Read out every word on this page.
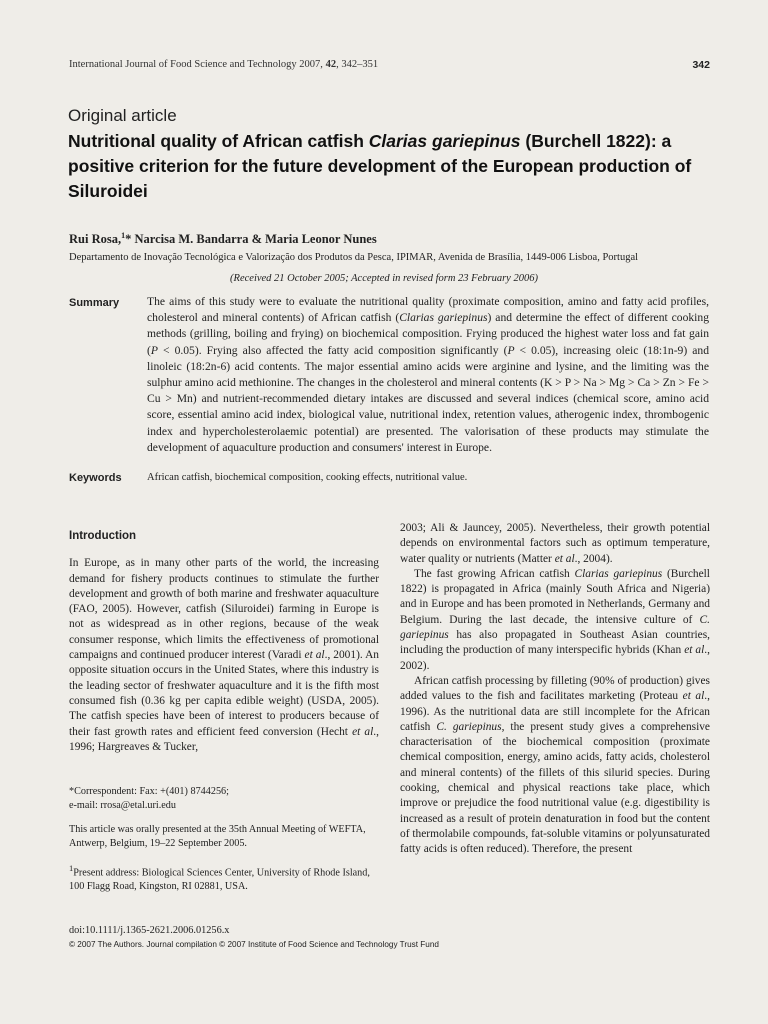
International Journal of Food Science and Technology 2007, 42, 342–351	342
Original article
Nutritional quality of African catfish Clarias gariepinus (Burchell 1822): a positive criterion for the future development of the European production of Siluroidei
Rui Rosa,$^1$* Narcisa M. Bandarra & Maria Leonor Nunes
Departamento de Inovação Tecnológica e Valorização dos Produtos da Pesca, IPIMAR, Avenida de Brasília, 1449-006 Lisboa, Portugal
(Received 21 October 2005; Accepted in revised form 23 February 2006)
Summary The aims of this study were to evaluate the nutritional quality (proximate composition, amino and fatty acid profiles, cholesterol and mineral contents) of African catfish (Clarias gariepinus) and determine the effect of different cooking methods (grilling, boiling and frying) on biochemical composition. Frying produced the highest water loss and fat gain (P < 0.05). Frying also affected the fatty acid composition significantly (P < 0.05), increasing oleic (18:1n-9) and linoleic (18:2n-6) acid contents. The major essential amino acids were arginine and lysine, and the limiting was the sulphur amino acid methionine. The changes in the cholesterol and mineral contents (K > P > Na > Mg > Ca > Zn > Fe > Cu > Mn) and nutrient-recommended dietary intakes are discussed and several indices (chemical score, amino acid score, essential amino acid index, biological value, nutritional index, retention values, atherogenic index, thrombogenic index and hypercholesterolaemic potential) are presented. The valorisation of these products may stimulate the development of aquaculture production and consumers' interest in Europe.

Keywords African catfish, biochemical composition, cooking effects, nutritional value.
Introduction

In Europe, as in many other parts of the world, the increasing demand for fishery products continues to stimulate the further development and growth of both marine and freshwater aquaculture (FAO, 2005). However, catfish (Siluroidei) farming in Europe is not as widespread as in other regions, because of the weak consumer response, which limits the effectiveness of promotional campaigns and continued producer interest (Varadi et al., 2001). An opposite situation occurs in the United States, where this industry is the leading sector of freshwater aquaculture and it is the fifth most consumed fish (0.36 kg per capita edible weight) (USDA, 2005). The catfish species have been of interest to producers because of their fast growth rates and efficient feed conversion (Hecht et al., 1996; Hargreaves & Tucker,

*Correspondent: Fax: +(401) 8744256;
e-mail: rrosa@etal.uri.edu

This article was orally presented at the 35th Annual Meeting of WEFTA, Antwerp, Belgium, 19–22 September 2005.

$^1$Present address: Biological Sciences Center, University of Rhode Island, 100 Flagg Road, Kingston, RI 02881, USA.

2003; Ali & Jauncey, 2005). Nevertheless, their growth potential depends on environmental factors such as optimum temperature, water quality or nutrients (Matter et al., 2004).

The fast growing African catfish Clarias gariepinus (Burchell 1822) is propagated in Africa (mainly South Africa and Nigeria) and in Europe and has been promoted in Netherlands, Germany and Belgium. During the last decade, the intensive culture of C. gariepinus has also propagated in Southeast Asian countries, including the production of many interspecific hybrids (Khan et al., 2002).

African catfish processing by filleting (90% of production) gives added values to the fish and facilitates marketing (Proteau et al., 1996). As the nutritional data are still incomplete for the African catfish C. gariepinus, the present study gives a comprehensive characterisation of the biochemical composition (proximate chemical composition, energy, amino acids, fatty acids, cholesterol and mineral contents) of the fillets of this silurid species. During cooking, chemical and physical reactions take place, which improve or prejudice the food nutritional value (e.g. digestibility is increased as a result of protein denaturation in food but the content of thermolabile compounds, fat-soluble vitamins or polyunsaturated fatty acids is often reduced). Therefore, the present

doi:10.1111/j.1365-2621.2006.01256.x
© 2007 The Authors. Journal compilation © 2007 Institute of Food Science and Technology Trust Fund
